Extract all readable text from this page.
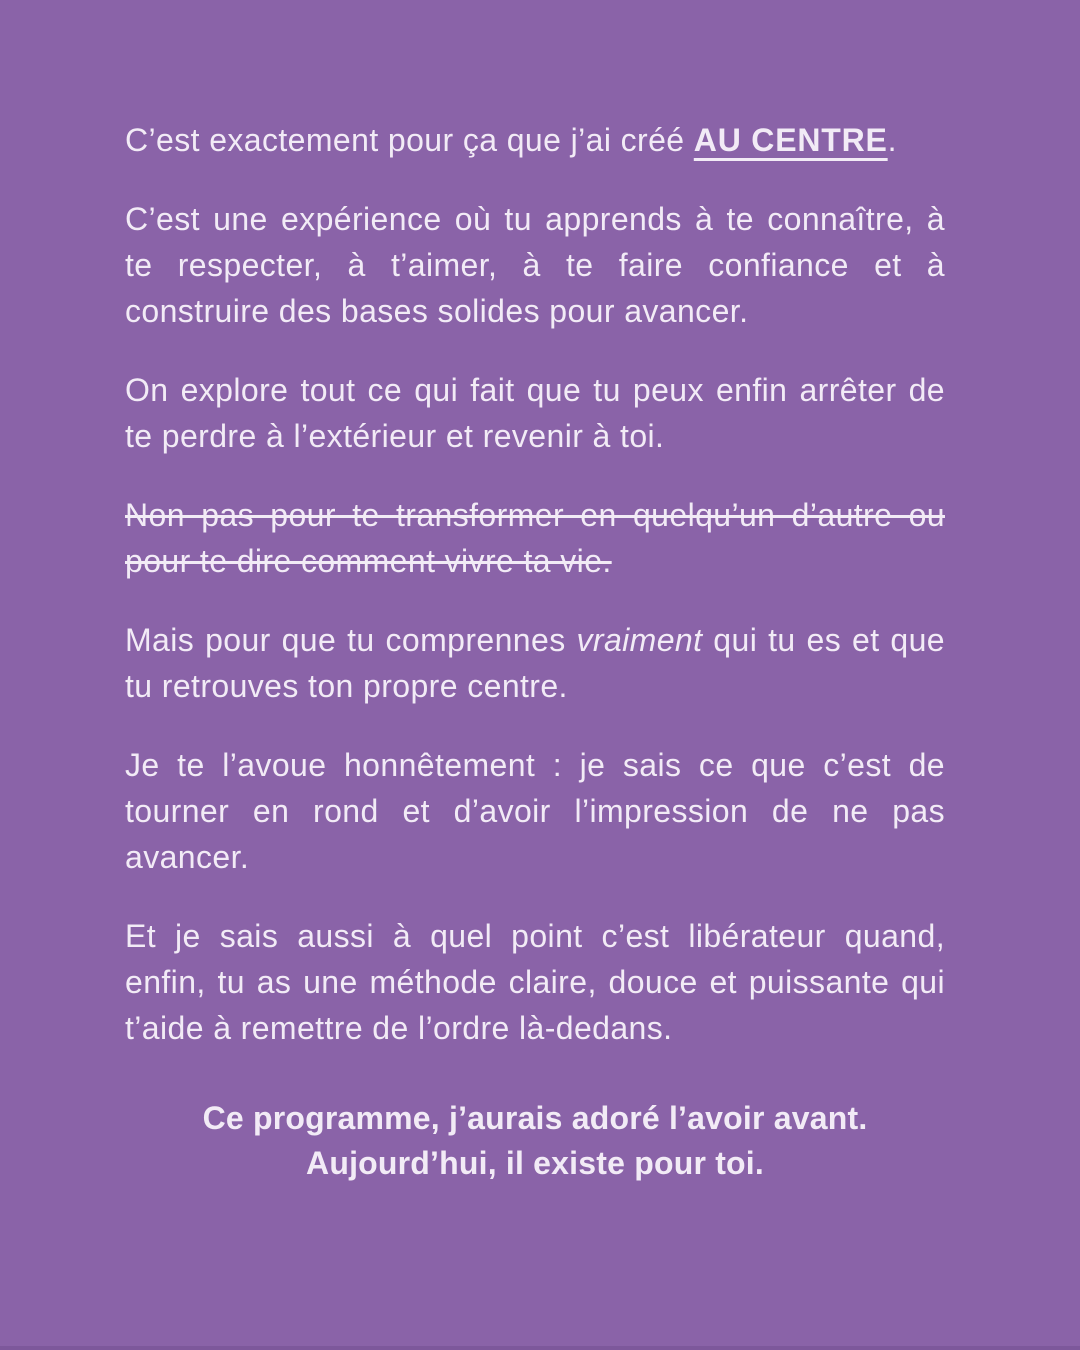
C’est exactement pour ça que j’ai créé AU CENTRE.

C’est une expérience où tu apprends à te connaître, à te respecter, à t’aimer, à te faire confiance et à construire des bases solides pour avancer.

On explore tout ce qui fait que tu peux enfin arrêter de te perdre à l’extérieur et revenir à toi.

Non pas pour te transformer en quelqu’un d’autre ou pour te dire comment vivre ta vie.

Mais pour que tu comprennes vraiment qui tu es et que tu retrouves ton propre centre.

Je te l’avoue honnêtement : je sais ce que c’est de tourner en rond et d’avoir l’impression de ne pas avancer.

Et je sais aussi à quel point c’est libérateur quand, enfin, tu as une méthode claire, douce et puissante qui t’aide à remettre de l’ordre là-dedans.

Ce programme, j’aurais adoré l’avoir avant.
Aujourd’hui, il existe pour toi.
